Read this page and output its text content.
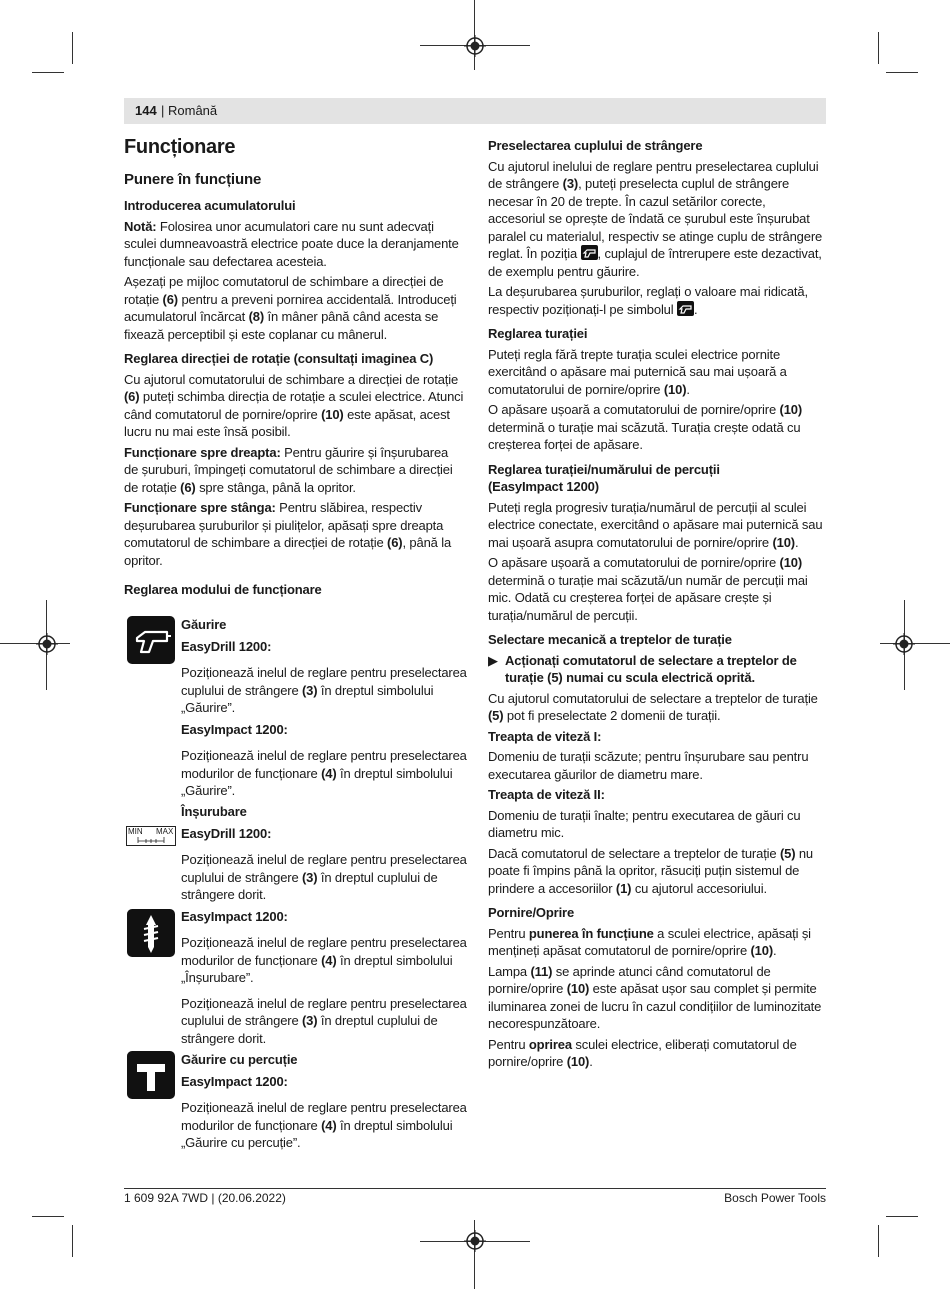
144 | Română
Funcționare
Punere în funcțiune
Introducerea acumulatorului

Notă: Folosirea unor acumulatori care nu sunt adecvați sculei dumneavoastră electrice poate duce la deranjamente funcționale sau defectarea acesteia.

Așezați pe mijloc comutatorul de schimbare a direcției de rotație (6) pentru a preveni pornirea accidentală. Introduceți acumulatorul încărcat (8) în mâner până când acesta se fixează perceptibil și este coplanar cu mânerul.

Reglarea direcției de rotație (consultați imaginea C)

Cu ajutorul comutatorului de schimbare a direcției de rotație (6) puteți schimba direcția de rotație a sculei electrice. Atunci când comutatorul de pornire/oprire (10) este apăsat, acest lucru nu mai este însă posibil.

Funcționare spre dreapta: Pentru găurire și înșurubarea de șuruburi, împingeți comutatorul de schimbare a direcției de rotație (6) spre stânga, până la opritor.

Funcționare spre stânga: Pentru slăbirea, respectiv deșurubarea șuruburilor și piulițelor, apăsați spre dreapta comutatorul de schimbare a direcției de rotație (6), până la opritor.

Reglarea modului de funcționare
MIN MAX

Găurire

EasyDrill 1200:

Poziționează inelul de reglare pentru preselectarea cuplului de strângere (3) în dreptul simbolului „Găurire”.

EasyImpact 1200:

Poziționează inelul de reglare pentru preselectarea modurilor de funcționare (4) în dreptul simbolului „Găurire”.

Înșurubare

EasyDrill 1200:

Poziționează inelul de reglare pentru preselectarea cuplului de strângere (3) în dreptul cuplului de strângere dorit.

EasyImpact 1200:

Poziționează inelul de reglare pentru preselectarea modurilor de funcționare (4) în dreptul simbolului „Înșurubare”.

Poziționează inelul de reglare pentru preselectarea cuplului de strângere (3) în dreptul cuplului de strângere dorit.

Găurire cu percuție

EasyImpact 1200:

Poziționează inelul de reglare pentru preselectarea modurilor de funcționare (4) în dreptul simbolului „Găurire cu percuție”.

Preselectarea cuplului de strângere

Cu ajutorul inelului de reglare pentru preselectarea cuplului de strângere (3), puteți preselecta cuplul de strângere necesar în 20 de trepte. În cazul setărilor corecte, accesoriul se oprește de îndată ce șurubul este înșurubat paralel cu materialul, respectiv se atinge cuplu de strângere reglat. În poziția
, cuplajul de întrerupere este dezactivat, de exemplu pentru găurire.

La deșurubarea șuruburilor, reglați o valoare mai ridicată, respectiv poziționați-l pe simbolul
.

Reglarea turației

Puteți regla fără trepte turația sculei electrice pornite exercitând o apăsare mai puternică sau mai ușoară a comutatorului de pornire/oprire (10).

O apăsare ușoară a comutatorului de pornire/oprire (10) determină o turație mai scăzută. Turația crește odată cu creșterea forței de apăsare.

Reglarea turației/numărului de percuții
(EasyImpact 1200)

Puteți regla progresiv turația/numărul de percuții al sculei electrice conectate, exercitând o apăsare mai puternică sau mai ușoară asupra comutatorului de pornire/oprire (10).

O apăsare ușoară a comutatorului de pornire/oprire (10) determină o turație mai scăzută/un număr de percuții mai mic. Odată cu creșterea forței de apăsare crește și turația/numărul de percuții.

Selectare mecanică a treptelor de turație

▶ Acționați comutatorul de selectare a treptelor de turație (5) numai cu scula electrică oprită.

Cu ajutorul comutatorului de selectare a treptelor de turație (5) pot fi preselectate 2 domenii de turații.

Treapta de viteză I:

Domeniu de turații scăzute; pentru înșurubare sau pentru executarea găurilor de diametru mare.

Treapta de viteză II:

Domeniu de turații înalte; pentru executarea de găuri cu diametru mic.

Dacă comutatorul de selectare a treptelor de turație (5) nu poate fi împins până la opritor, răsuciți puțin sistemul de prindere a accesoriilor (1) cu ajutorul accesoriului.

Pornire/Oprire

Pentru punerea în funcțiune a sculei electrice, apăsați și mențineți apăsat comutatorul de pornire/oprire (10).

Lampa (11) se aprinde atunci când comutatorul de pornire/oprire (10) este apăsat ușor sau complet și permite iluminarea zonei de lucru în cazul condițiilor de luminozitate necorespunzătoare.

Pentru oprirea sculei electrice, eliberați comutatorul de pornire/oprire (10).

1 609 92A 7WD | (20.06.2022)	Bosch Power Tools
